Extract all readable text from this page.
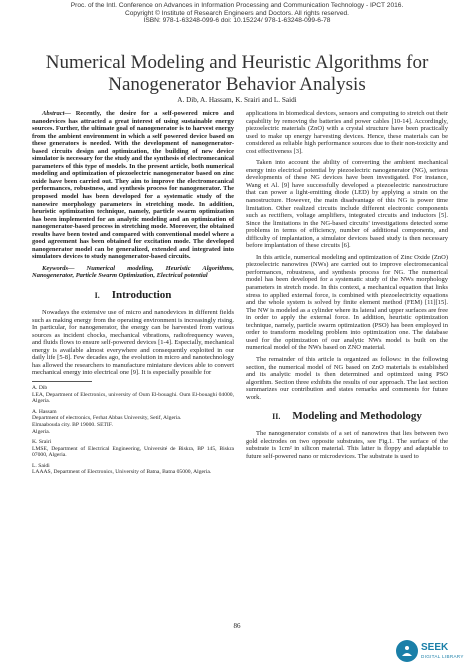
Proc. of the Intl. Conference on Advances in Information Processing and Communication Technology - IPCT 2016.
Copyright © Institute of Research Engineers and Doctors. All rights reserved.
ISBN: 978-1-63248-099-6 doi: 10.15224/ 978-1-63248-099-6-78
Numerical Modeling and Heuristic Algorithms for Nanogenerator Behavior Analysis
A. Dib, A. Hassam, K. Srairi and L. Saidi

Abstract— Recently, the desire for a self-powered micro and nanodevices has attracted a great interest of using sustainable energy sources. Further, the ultimate goal of nanogenerator is to harvest energy from the ambient environment in which a self powered device based on these generators is needed. With the development of nanogenerator-based circuits design and optimization, the building of new device simulator is necessary for the study and the synthesis of electromecanical parameters of this type of models. In the present article, both numerical modeling and optimization of piezoelectric nanogenerator based on zinc oxide have been carried out. They aim to improve the electromecanical performances, robustness, and synthesis process for nanogenerator. The proposed model has been developed for a systematic study of the nanowire morphology parameters in stretching mode. In addition, heuristic optimization technique, namely, particle swarm optimization has been implemented for an analytic modeling and an optimization of nanogenerator-based process in stretching mode. Moreover, the obtained results have been tested and compared with conventional model where a good agreement has been obtained for excitation mode. The developed nanogenerator model can be generalized, extended and integrated into simulators devices to study nanogenerator-based circuits.

Keywords— Numerical modeling, Heuristic Algorithms, Nanogenerator, Particle Swarm Optimization, Electrical potential

I. Introduction

Nowadays the extensive use of micro and nanodevices in different fields such as making energy from the operating environment is increasingly rising. In particular, for nanogenerator, the energy can be harvested from various sources as incident chocks, mechanical vibrations, radiofrequency waves, and fluids flows to ensure self-powered devices [1-4]. Especially, mechanical energy is available almost everywhere and consequently exploited in our daily life [5-8]. Few decades ago, the evolution in micro and nanotechnology has allowed the researchers to manufacture miniature devices able to convert mechanical energy into electrical one [9]. It is especially possible for

A. Dib
LEA, Department of Electronics, university of Oum El-bouaghi. Oum El-bouaghi 04000, Algeria.

A. Hassam
Department of electronics, Ferhat Abbas University, Setif, Algeria.
Elmaabouda city. BP 19000. SETIF.
Algeria.

K. Srairi
LMSE, Department of Electrical Engineering, Université de Biskra, BP 145, Biskra 07000, Algeria.

L. Saidi
LAAAS, Department of Electronics, University of Batna, Batna 05000, Algeria.

applications in biomedical devices, sensors and computing to stretch out their capability by removing the batteries and power cables [10-14]. Accordingly, piezoelectric materials (ZnO) with a crystal structure have been practically used to make up energy harvesting devices. Hence, these materials can be considered as reliable high performance sources due to their non-toxicity and cost effectiveness [3].

Taken into account the ability of converting the ambient mechanical energy into electrical potential by piezoelectric nanogenerator (NG), serious developments of these NG devices have been investigated. For instance, Wang et Al. [9] have successfully developed a piezoelectric nanostructure that can power a light-emitting diode (LED) by applying a strain on the nanostructure. However, the main disadvantage of this NG is power time limitation. Other realized circuits include different electronic components such as rectifiers, voltage amplifiers, integrated circuits and inductors [5]. Since the limitations in the NG-based circuits' investigations detected some problems in terms of efficiency, number of additional components, and difficulty of implantation, a simulator devices based study is then necessary before implantation of these circuits [6].

In this article, numerical modeling and optimization of Zinc Oxide (ZnO) piezoelectric nanowires (NWs) are carried out to improve electromecanical performances, robustness, and synthesis process for NG. The numerical model has been developed for a systematic study of the NWs morphology parameters in stretch mode. In this context, a mechanical equation that links stress to applied external force, is combined with piezoelectricity equations and the whole system is solved by finite element method (FEM) [11][15]. The NW is modeled as a cylinder where its lateral and upper surfaces are free in order to apply the external force. In addition, heuristic optimization technique, namely, particle swarm optimization (PSO) has been employed in order to transform modeling problem into optimization one. The database used for the optimization of our analytic NWs model is built on the numerical model of the NWs based on ZNO material.

The remainder of this article is organized as follows: in the following section, the numerical model of NG based on ZnO materials is established and its analytic model is then determined and optimized using PSO algorithm. Section three exhibits the results of our approach. The last section summarizes our contribution and states remarks and comments for future work.

II. Modeling and Methodology

The nanogenerator consists of a set of nanowires that lies between two gold electrodes on two opposite substrates, see Fig.1. The surface of the substrate is 1cm² in silicon material. This latter is floppy and adaptable to future self-powered nano or microdevices. The substrate is used to

86
SEEK
DIGITAL LIBRARY
